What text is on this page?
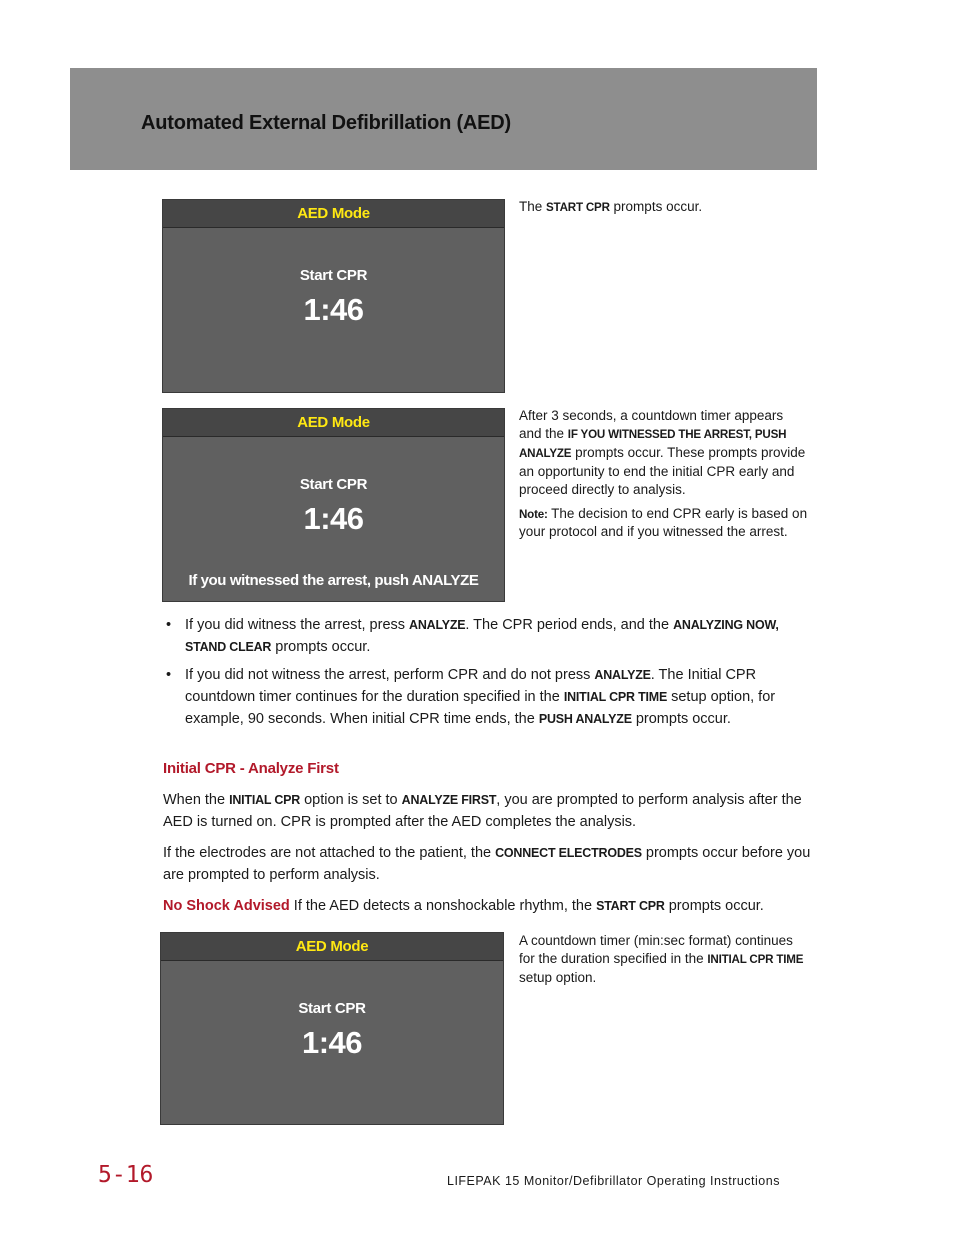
Automated External Defibrillation (AED)
AED Mode
Start CPR
1:46

The START CPR prompts occur.

AED Mode
Start CPR
1:46
If you witnessed the arrest, push ANALYZE

After 3 seconds, a countdown timer appears and the IF YOU WITNESSED THE ARREST, PUSH ANALYZE prompts occur. These prompts provide an opportunity to end the initial CPR early and proceed directly to analysis.

Note: The decision to end CPR early is based on your protocol and if you witnessed the arrest.

• If you did witness the arrest, press ANALYZE. The CPR period ends, and the ANALYZING NOW, STAND CLEAR prompts occur.
• If you did not witness the arrest, perform CPR and do not press ANALYZE. The Initial CPR countdown timer continues for the duration specified in the INITIAL CPR TIME setup option, for example, 90 seconds. When initial CPR time ends, the PUSH ANALYZE prompts occur.
Initial CPR - Analyze First

When the INITIAL CPR option is set to ANALYZE FIRST, you are prompted to perform analysis after the AED is turned on. CPR is prompted after the AED completes the analysis.

If the electrodes are not attached to the patient, the CONNECT ELECTRODES prompts occur before you are prompted to perform analysis.

No Shock Advised If the AED detects a nonshockable rhythm, the START CPR prompts occur.

AED Mode
Start CPR
1:46

A countdown timer (min:sec format) continues for the duration specified in the INITIAL CPR TIME setup option.

5-16	LIFEPAK 15 Monitor/Defibrillator Operating Instructions
